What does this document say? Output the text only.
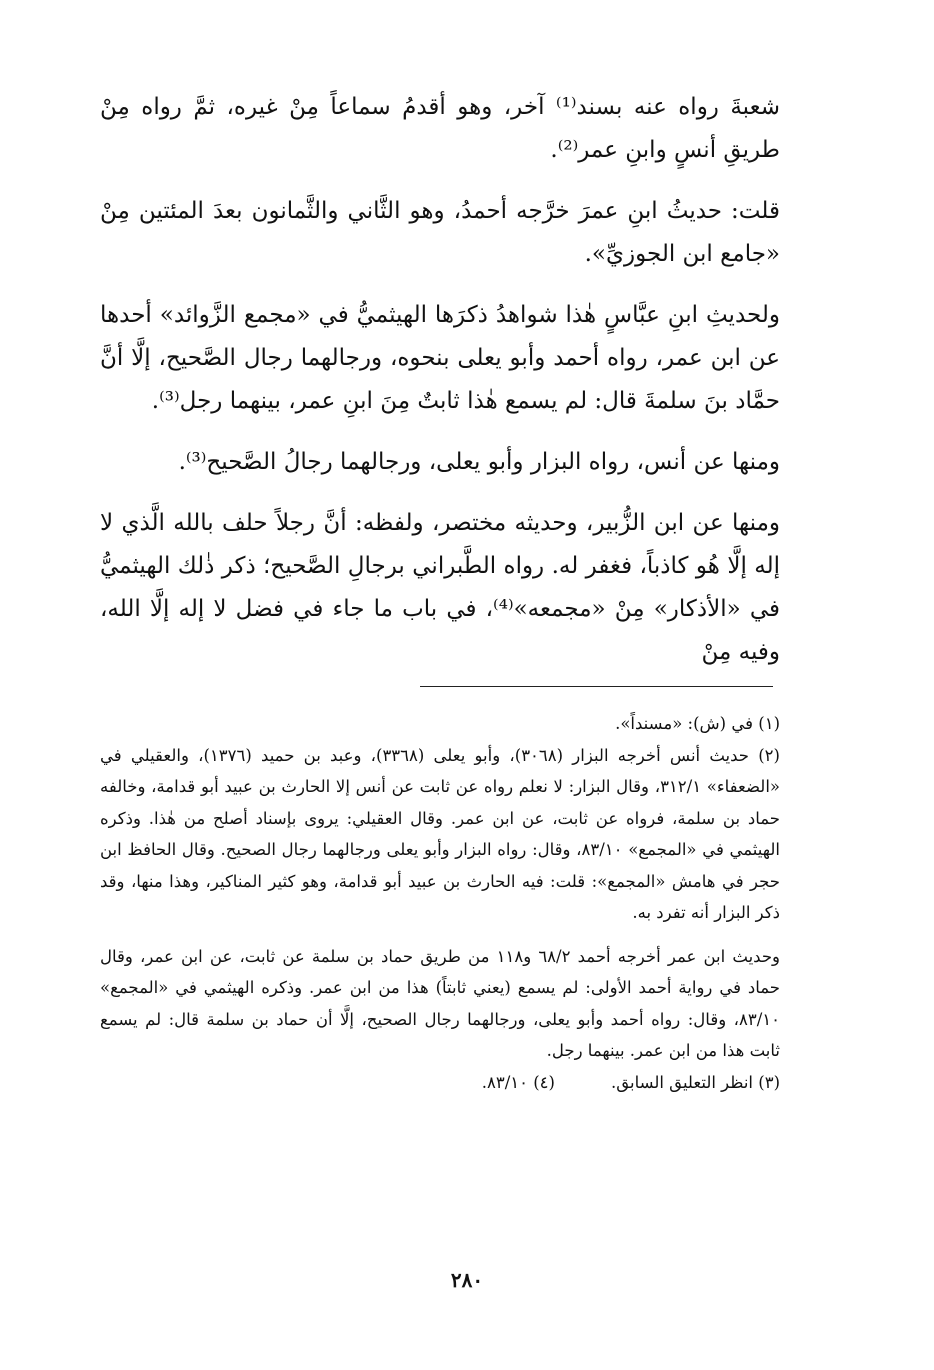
شعبةَ رواه عنه بسند⁽¹⁾ آخر، وهو أقدمُ سماعاً مِنْ غيره، ثمَّ رواه مِنْ طريقِ أنسٍ وابنِ عمر⁽²⁾.

قلت: حديثُ ابنِ عمرَ خرَّجه أحمدُ، وهو الثَّاني والثَّمانون بعدَ المئتين مِنْ «جامع ابن الجوزيِّ».

ولحديثِ ابنِ عبَّاسٍ هٰذا شواهدُ ذكرَها الهيثميُّ في «مجمع الزَّوائد» أحدها عن ابن عمر، رواه أحمد وأبو يعلى بنحوه، ورجالهما رجال الصَّحيح، إلَّا أنَّ حمَّاد بنَ سلمةَ قال: لم يسمع هٰذا ثابتٌ مِنَ ابنِ عمر، بينهما رجل⁽³⁾.

ومنها عن أنس، رواه البزار وأبو يعلى، ورجالهما رجالُ الصَّحيح⁽³⁾.

ومنها عن ابن الزُّبير، وحديثه مختصر، ولفظه: أنَّ رجلاً حلف بالله الَّذي لا إله إلَّا هُو كاذباً، فغفر له. رواه الطَّبراني برجالِ الصَّحيح؛ ذكر ذٰلك الهيثميُّ في «الأذكار» مِنْ «مجمعه»⁽⁴⁾، في باب ما جاء في فضل لا إله إلَّا الله، وفيه مِنْ

(١) في (ش): «مسنداً».

(٢) حديث أنس أخرجه البزار (٣٠٦٨)، وأبو يعلى (٣٣٦٨)، وعبد بن حميد (١٣٧٦)، والعقيلي في «الضعفاء» ٣١٢/١، وقال البزار: لا نعلم رواه عن ثابت عن أنس إلا الحارث بن عبيد أبو قدامة، وخالفه حماد بن سلمة، فرواه عن ثابت، عن ابن عمر. وقال العقيلي: يروى بإسناد أصلح من هٰذا. وذكره الهيثمي في «المجمع» ٨٣/١٠، وقال: رواه البزار وأبو يعلى ورجالهما رجال الصحيح. وقال الحافظ ابن حجر في هامش «المجمع»: قلت: فيه الحارث بن عبيد أبو قدامة، وهو كثير المناكير، وهذا منها، وقد ذكر البزار أنه تفرد به.

وحديث ابن عمر أخرجه أحمد ٦٨/٢ و١١٨ من طريق حماد بن سلمة عن ثابت، عن ابن عمر، وقال حماد في رواية أحمد الأولى: لم يسمع (يعني ثابتاً) هذا من ابن عمر. وذكره الهيثمي في «المجمع» ٨٣/١٠، وقال: رواه أحمد وأبو يعلى، ورجالهما رجال الصحيح، إلَّا أن حماد بن سلمة قال: لم يسمع ثابت هذا من ابن عمر. بينهما رجل.

(٣) انظر التعليق السابق.
(٤) ٨٣/١٠.
٢٨٠
